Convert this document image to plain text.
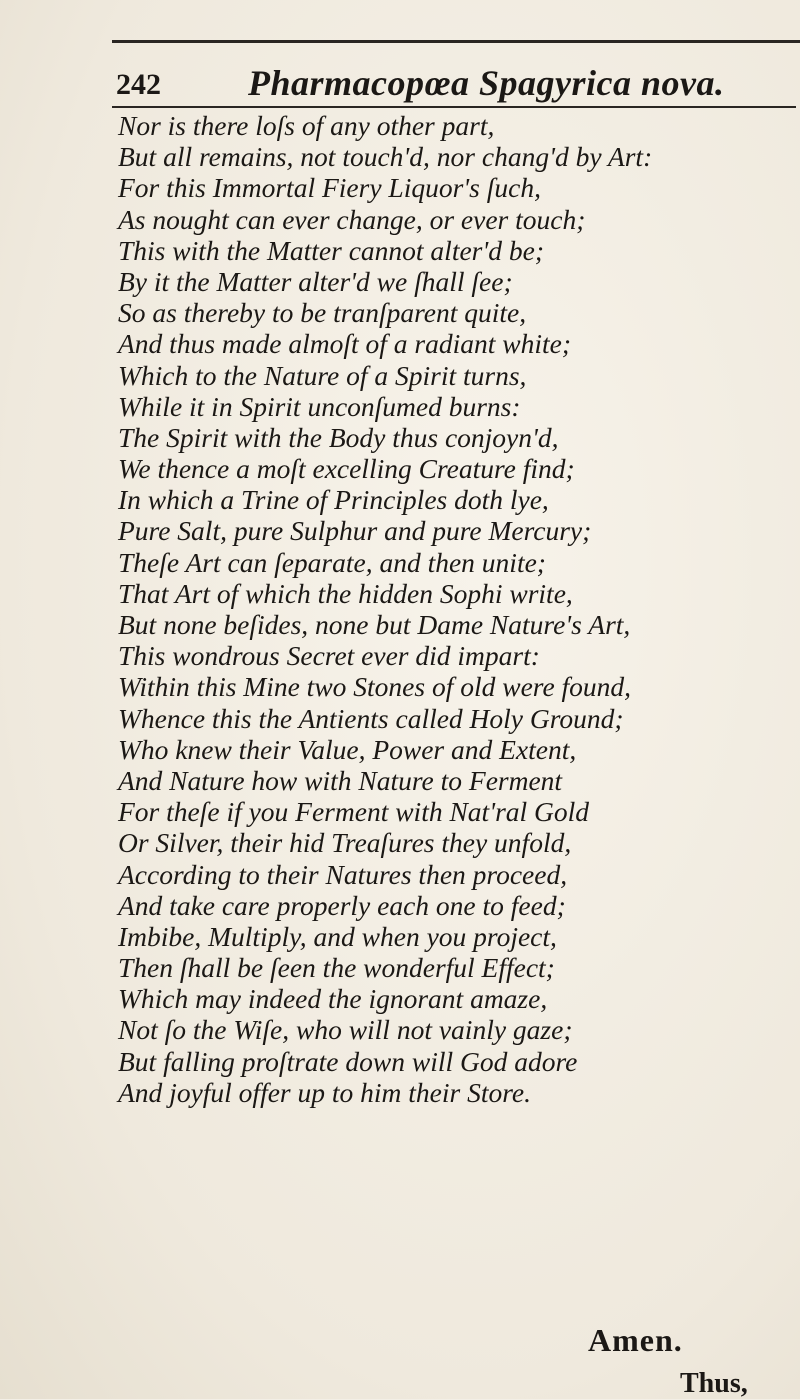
242 Pharmacopœa Spagyrica nova.
Nor is there loſs of any other part,
But all remains, not touch'd, nor chang'd by Art:
For this Immortal Fiery Liquor's ſuch,
As nought can ever change, or ever touch;
This with the Matter cannot alter'd be;
By it the Matter alter'd we ſhall ſee;
So as thereby to be tranſparent quite,
And thus made almoſt of a radiant white;
Which to the Nature of a Spirit turns,
While it in Spirit unconſumed burns:
The Spirit with the Body thus conjoyn'd,
We thence a moſt excelling Creature find;
In which a Trine of Principles doth lye,
Pure Salt, pure Sulphur and pure Mercury;
Theſe Art can ſeparate, and then unite;
That Art of which the hidden Sophi write,
But none beſides, none but Dame Nature's Art,
This wondrous Secret ever did impart:
Within this Mine two Stones of old were found,
Whence this the Antients called Holy Ground;
Who knew their Value, Power and Extent,
And Nature how with Nature to Ferment
For theſe if you Ferment with Nat'ral Gold
Or Silver, their hid Treaſures they unfold,
According to their Natures then proceed,
And take care properly each one to feed;
Imbibe, Multiply, and when you project,
Then ſhall be ſeen the wonderful Effect;
Which may indeed the ignorant amaze,
Not ſo the Wiſe, who will not vainly gaze;
But falling proſtrate down will God adore
And joyful offer up to him their Store.
Amen.
Thus,
